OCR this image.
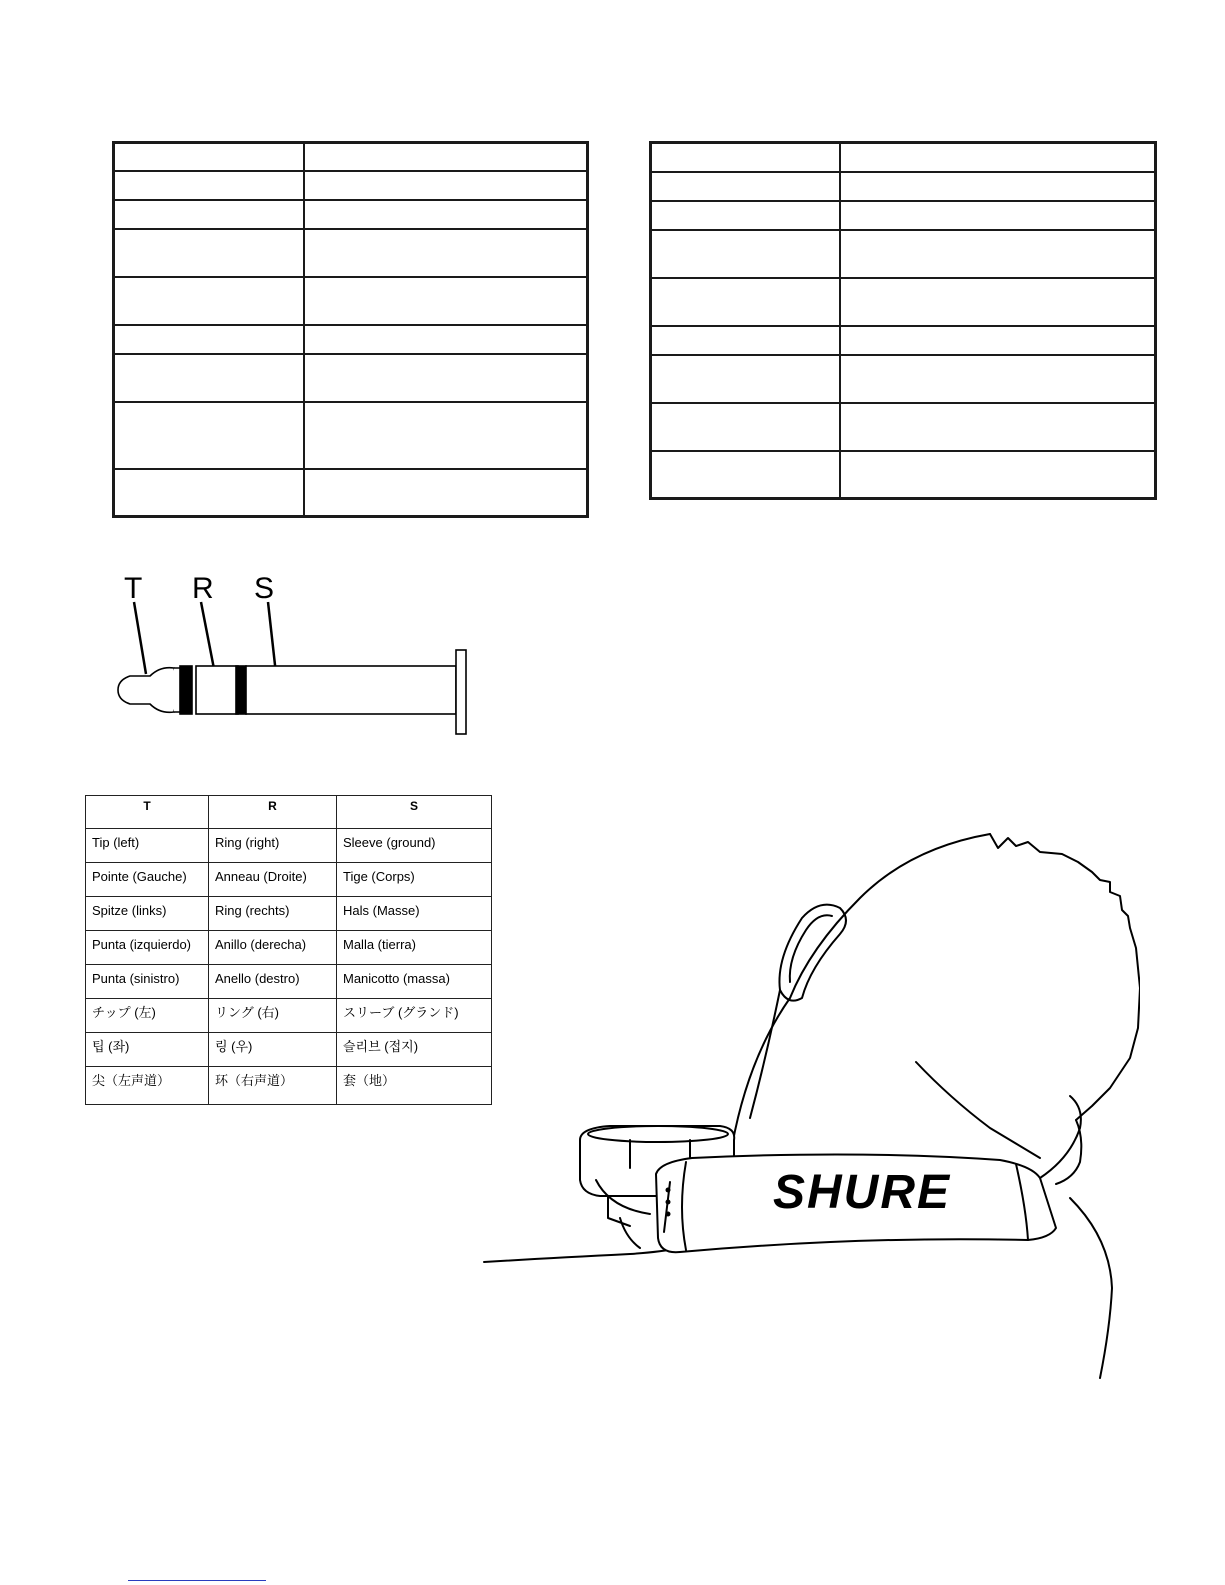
T R S
T	R	S
Tip (left)	Ring (right)	Sleeve (ground)
Pointe (Gauche)	Anneau (Droite)	Tige (Corps)
Spitze (links)	Ring (rechts)	Hals (Masse)
Punta (izquierdo)	Anillo (derecha)	Malla (tierra)
Punta (sinistro)	Anello (destro)	Manicotto (massa)
チップ (左)	リング (右)	スリーブ (グランド)
팁 (좌)	링 (우)	슬리브 (접지)
尖（左声道）	环（右声道）	套（地）
SHURE
